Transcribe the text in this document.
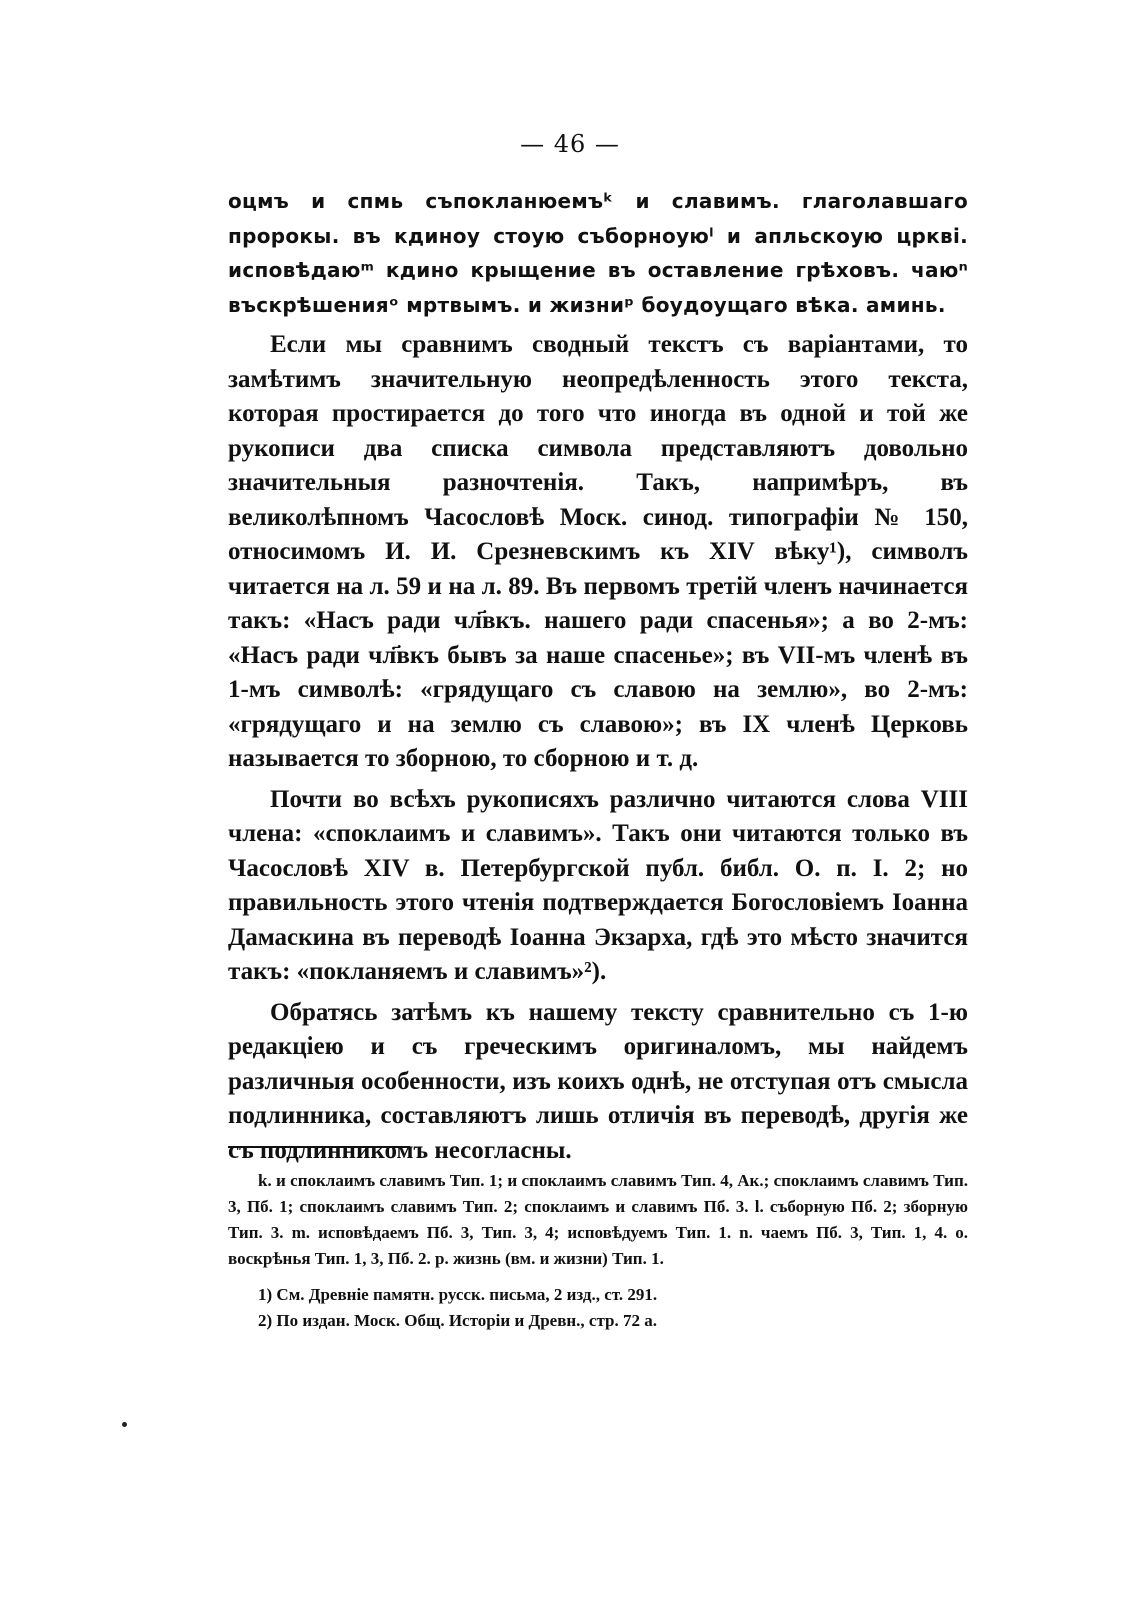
— 46 —

оцмъ и спмь съпокланюемъᵏ и славимъ. глаголавшаго пророкы. въ кдиноу стоую съборноуюˡ и апльскоую цркві. исповѣдаюᵐ кдино крыщение въ оставление грѣховъ. чаюⁿ въскрѣшенияᵒ мртвымъ. и жизниᵖ боудоущаго вѣка. аминь.

Если мы сравнимъ сводный текстъ съ варіантами, то замѣтимъ значительную неопредѣленность этого текста, которая простирается до того что иногда въ одной и той же рукописи два списка символа представляютъ довольно значительныя разночтенія. Такъ, напримѣръ, въ великолѣпномъ Часословѣ Моск. синод. типографіи № 150, относимомъ И. И. Срезневскимъ къ XIV вѣку¹), символъ читается на л. 59 и на л. 89. Въ первомъ третій членъ начинается такъ: «Насъ ради чл҃вкъ. нашего ради спасенья»; а во 2-мъ: «Насъ ради чл҃вкъ бывъ за наше спасенье»; въ VII-мъ членѣ въ 1-мъ символѣ: «грядущаго съ славою на землю», во 2-мъ: «грядущаго и на землю съ славою»; въ IX членѣ Церковь называется то зборною, то сборною и т. д.

Почти во всѣхъ рукописяхъ различно читаются слова VIII члена: «споклаимъ и славимъ». Такъ они читаются только въ Часословѣ XIV в. Петербургской публ. библ. О. п. I. 2; но правильность этого чтенія подтверждается Богословіемъ Іоанна Дамаскина въ переводѣ Іоанна Экзарха, гдѣ это мѣсто значится такъ: «покланяемъ и славимъ»²).

Обратясь затѣмъ къ нашему тексту сравнительно съ 1-ю редакціею и съ греческимъ оригиналомъ, мы найдемъ различныя особенности, изъ коихъ однѣ, не отступая отъ смысла подлинника, составляютъ лишь отличія въ переводѣ, другія же съ подлинникомъ несогласны.

k. и споклаимъ славимъ Тип. 1; и споклаимъ славимъ Тип. 4, Ак.; споклаимъ славимъ Тип. 3, Пб. 1; споклаимъ славимъ Тип. 2; споклаимъ и славимъ Пб. 3. l. съборную Пб. 2; зборную Тип. 3. m. исповѣдаемъ Пб. 3, Тип. 3, 4; исповѣдуемъ Тип. 1. n. чаемъ Пб. 3, Тип. 1, 4. o. воскрѣнья Тип. 1, 3, Пб. 2. p. жизнь (вм. и жизни) Тип. 1.

1) См. Древніе памятн. русск. письма, 2 изд., ст. 291.

2) По издан. Моск. Общ. Исторіи и Древн., стр. 72 а.
